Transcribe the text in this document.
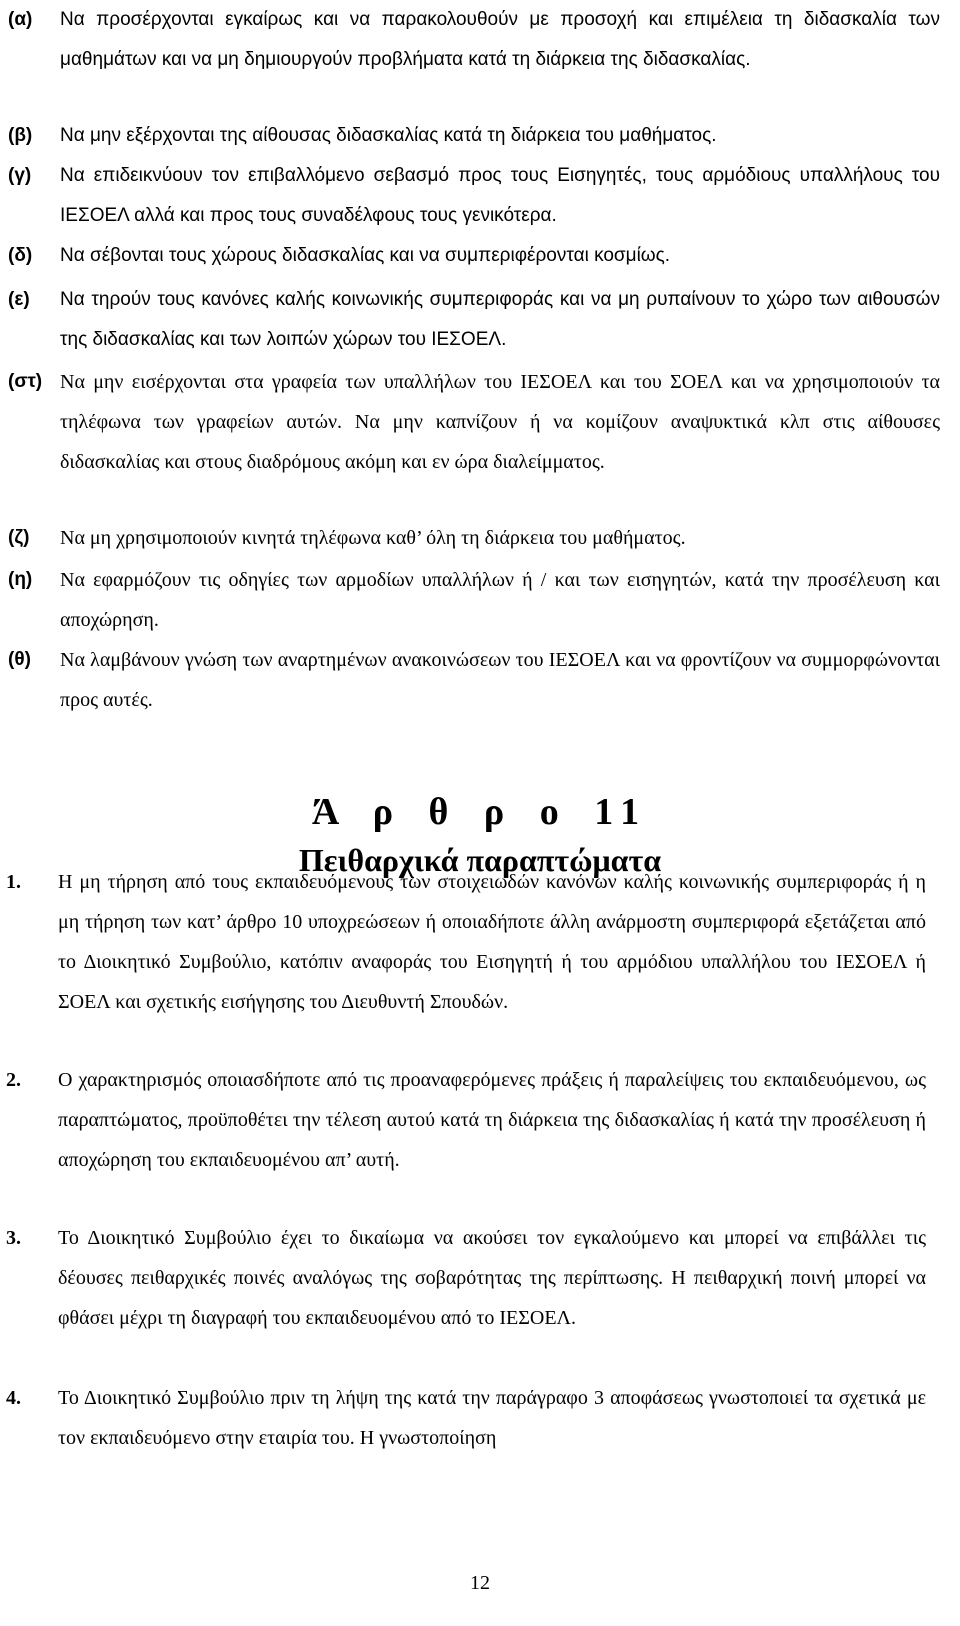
(α) Να προσέρχονται εγκαίρως και να παρακολουθούν με προσοχή και επιμέλεια τη διδασκαλία των μαθημάτων και να μη δημιουργούν προβλήματα κατά τη διάρκεια της διδασκαλίας.
(β) Να μην εξέρχονται της αίθουσας διδασκαλίας κατά τη διάρκεια του μαθήματος.
(γ) Να επιδεικνύουν τον επιβαλλόμενο σεβασμό προς τους Εισηγητές, τους αρμόδιους υπαλλήλους του ΙΕΣΟΕΛ αλλά και προς τους συναδέλφους τους γενικότερα.
(δ) Να σέβονται τους χώρους διδασκαλίας και να συμπεριφέρονται κοσμίως.
(ε) Να τηρούν τους κανόνες καλής κοινωνικής συμπεριφοράς και να μη ρυπαίνουν το χώρο των αιθουσών της διδασκαλίας και των λοιπών χώρων του ΙΕΣΟΕΛ.
(στ) Να μην εισέρχονται στα γραφεία των υπαλλήλων του ΙΕΣΟΕΛ και του ΣΟΕΛ και να χρησιμοποιούν τα τηλέφωνα των γραφείων αυτών. Να μην καπνίζουν ή να κομίζουν αναψυκτικά κλπ στις αίθουσες διδασκαλίας και στους διαδρόμους ακόμη και εν ώρα διαλείμματος.
(ζ) Να μη χρησιμοποιούν κινητά τηλέφωνα καθ’ όλη τη διάρκεια του μαθήματος.
(η) Να εφαρμόζουν τις οδηγίες των αρμοδίων υπαλλήλων ή / και των εισηγητών, κατά την προσέλευση και αποχώρηση.
(θ) Να λαμβάνουν γνώση των αναρτημένων ανακοινώσεων του ΙΕΣΟΕΛ και να φροντίζουν να συμμορφώνονται προς αυτές.
Ά ρ θ ρ ο 11
Πειθαρχικά παραπτώματα
1. Η μη τήρηση από τους εκπαιδευόμενους των στοιχειωδών κανόνων καλής κοινωνικής συμπεριφοράς ή η μη τήρηση των κατ’ άρθρο 10 υποχρεώσεων ή οποιαδήποτε άλλη ανάρμοστη συμπεριφορά εξετάζεται από το Διοικητικό Συμβούλιο, κατόπιν αναφοράς του Εισηγητή ή του αρμόδιου υπαλλήλου του ΙΕΣΟΕΛ ή ΣΟΕΛ και σχετικής εισήγησης του Διευθυντή Σπουδών.
2. Ο χαρακτηρισμός οποιασδήποτε από τις προαναφερόμενες πράξεις ή παραλείψεις του εκπαιδευόμενου, ως παραπτώματος, προϋποθέτει την τέλεση αυτού κατά τη διάρκεια της διδασκαλίας ή κατά την προσέλευση ή αποχώρηση του εκπαιδευομένου απ’ αυτή.
3. Το Διοικητικό Συμβούλιο έχει το δικαίωμα να ακούσει τον εγκαλούμενο και μπορεί να επιβάλλει τις δέουσες πειθαρχικές ποινές αναλόγως της σοβαρότητας της περίπτωσης. Η πειθαρχική ποινή μπορεί να φθάσει μέχρι τη διαγραφή του εκπαιδευομένου από το ΙΕΣΟΕΛ.
4. Το Διοικητικό Συμβούλιο πριν τη λήψη της κατά την παράγραφο 3 αποφάσεως γνωστοποιεί τα σχετικά με τον εκπαιδευόμενο στην εταιρία του. Η γνωστοποίηση
12
